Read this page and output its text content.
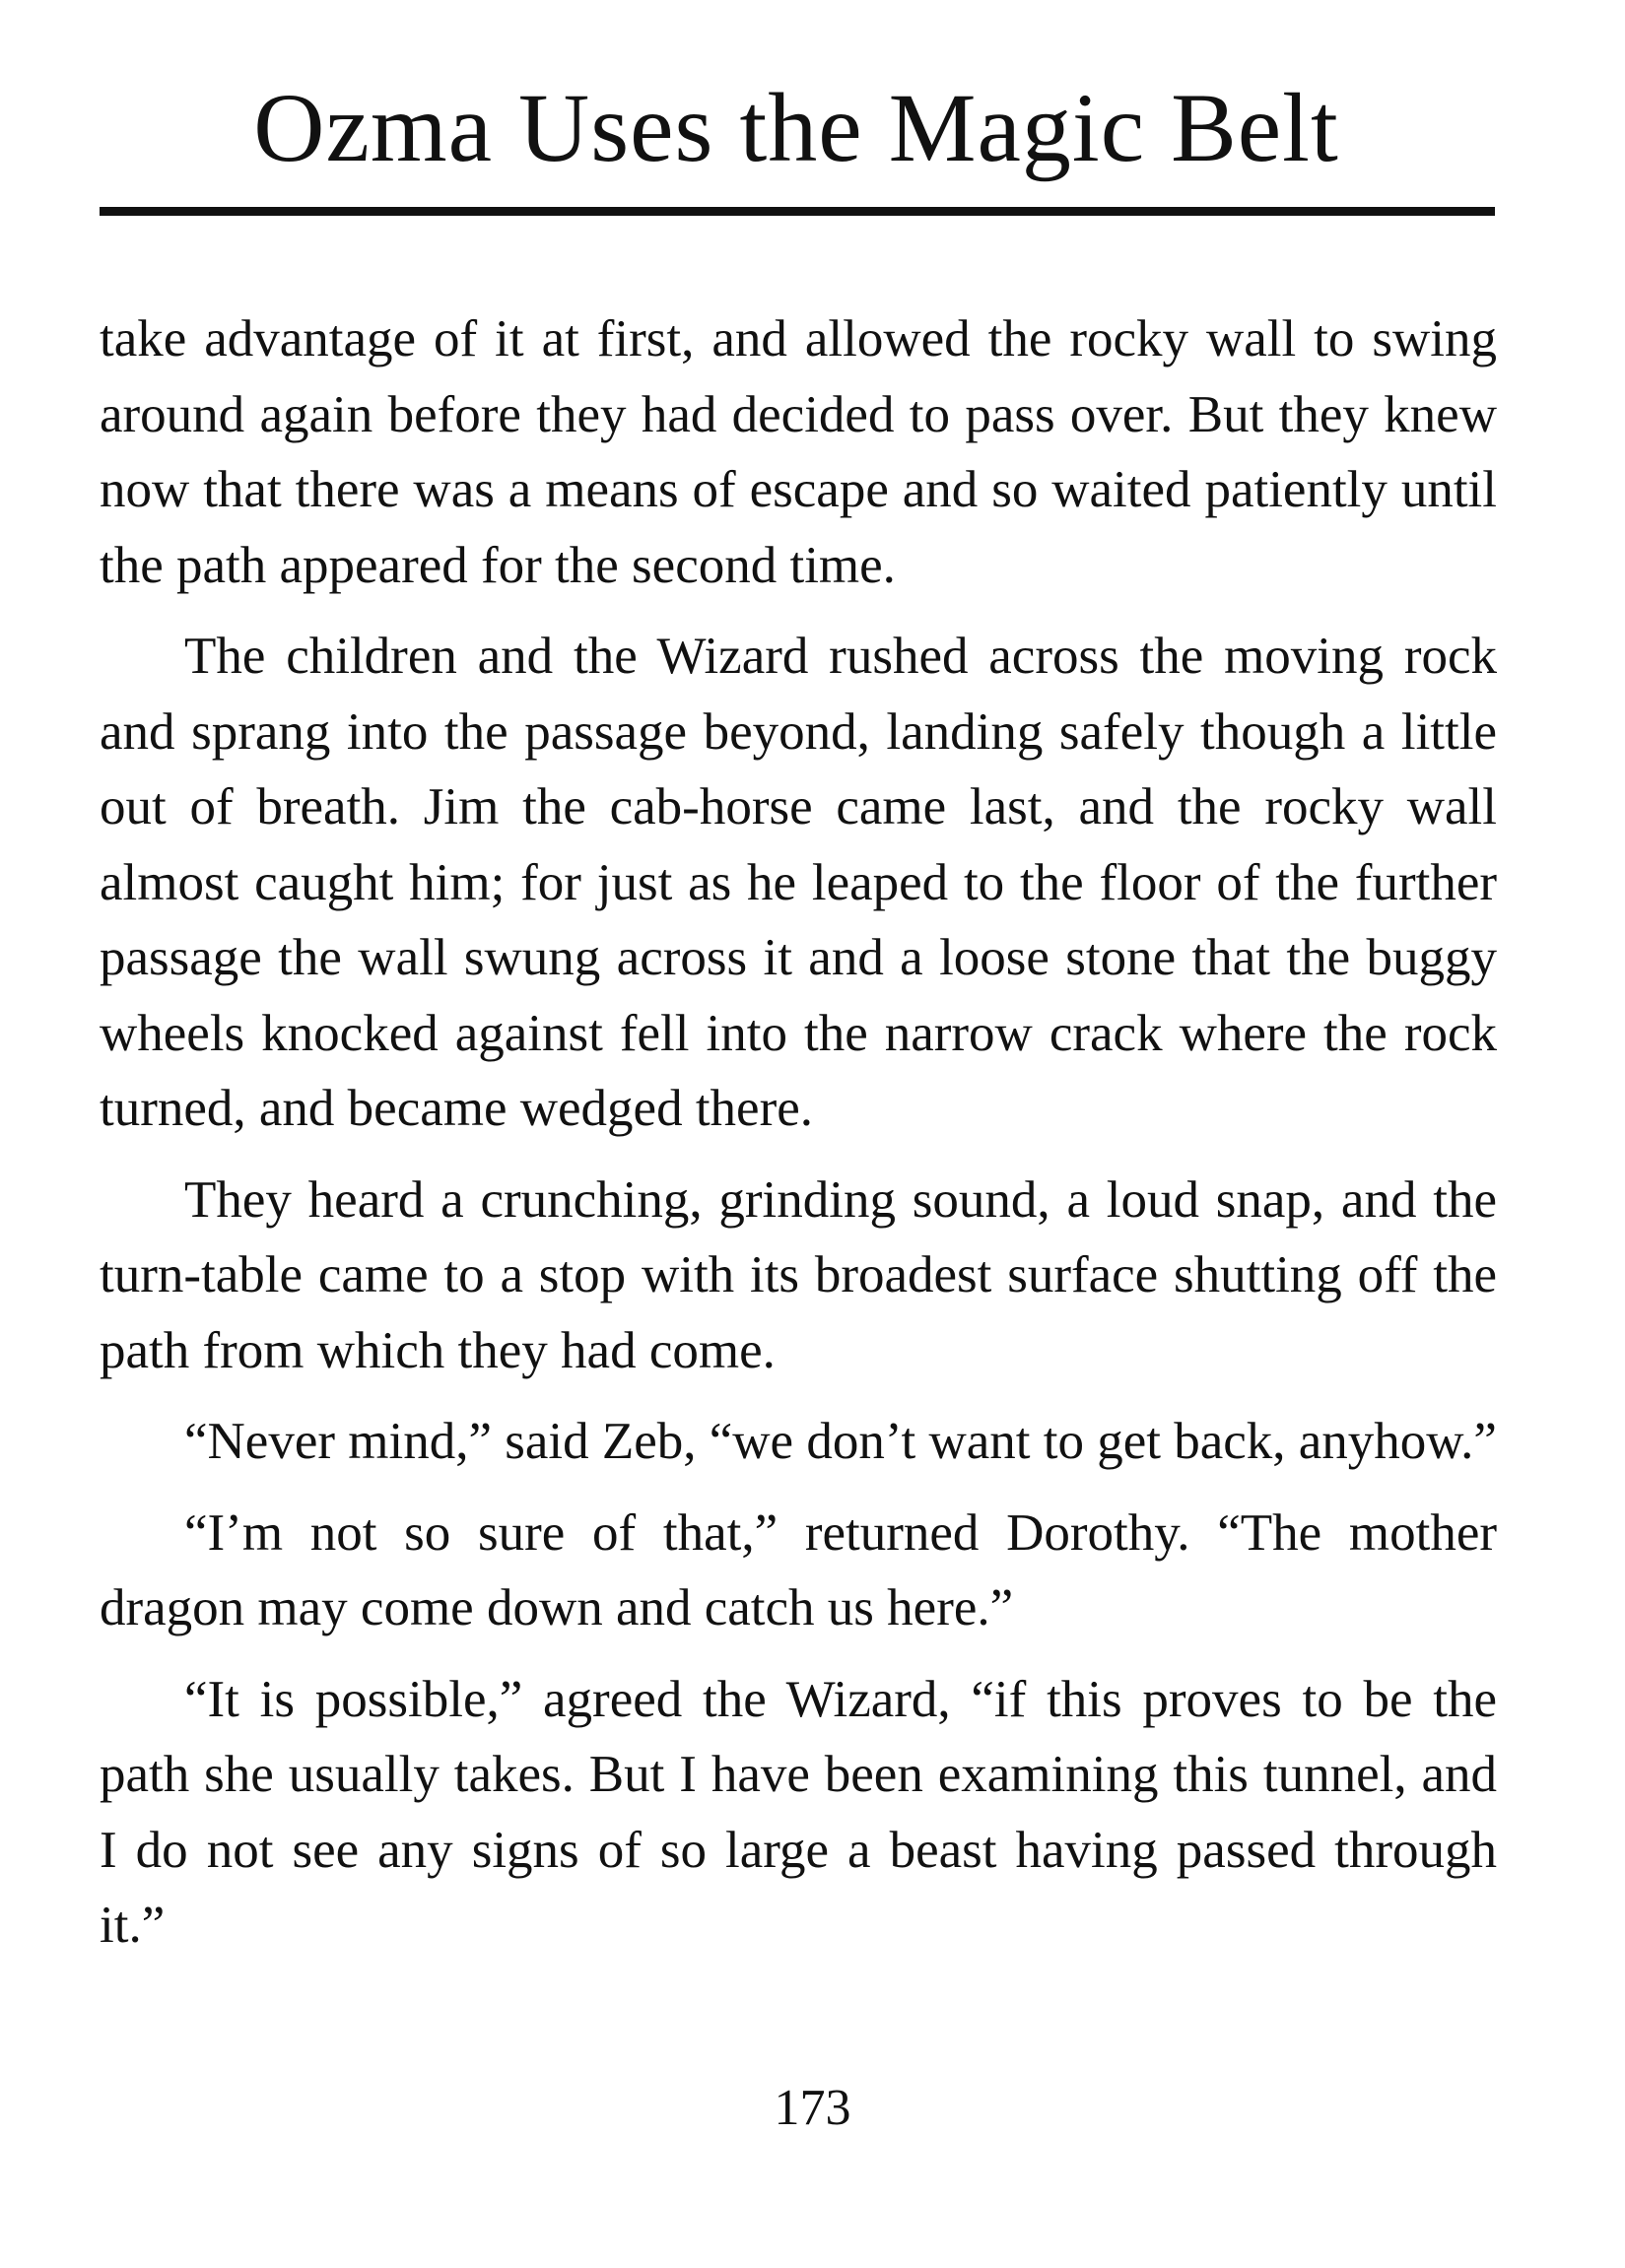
Ozma Uses the Magic Belt

take advantage of it at first, and allowed the rocky wall to swing around again before they had decided to pass over. But they knew now that there was a means of escape and so waited patiently until the path appeared for the second time.

The children and the Wizard rushed across the moving rock and sprang into the passage beyond, landing safely though a little out of breath. Jim the cab-horse came last, and the rocky wall almost caught him; for just as he leaped to the floor of the further passage the wall swung across it and a loose stone that the buggy wheels knocked against fell into the narrow crack where the rock turned, and became wedged there.

They heard a crunching, grinding sound, a loud snap, and the turn-table came to a stop with its broadest surface shutting off the path from which they had come.

“Never mind,” said Zeb, “we don’t want to get back, anyhow.”

“I’m not so sure of that,” returned Dorothy. “The mother dragon may come down and catch us here.”

“It is possible,” agreed the Wizard, “if this proves to be the path she usually takes. But I have been examining this tunnel, and I do not see any signs of so large a beast having passed through it.”

173
